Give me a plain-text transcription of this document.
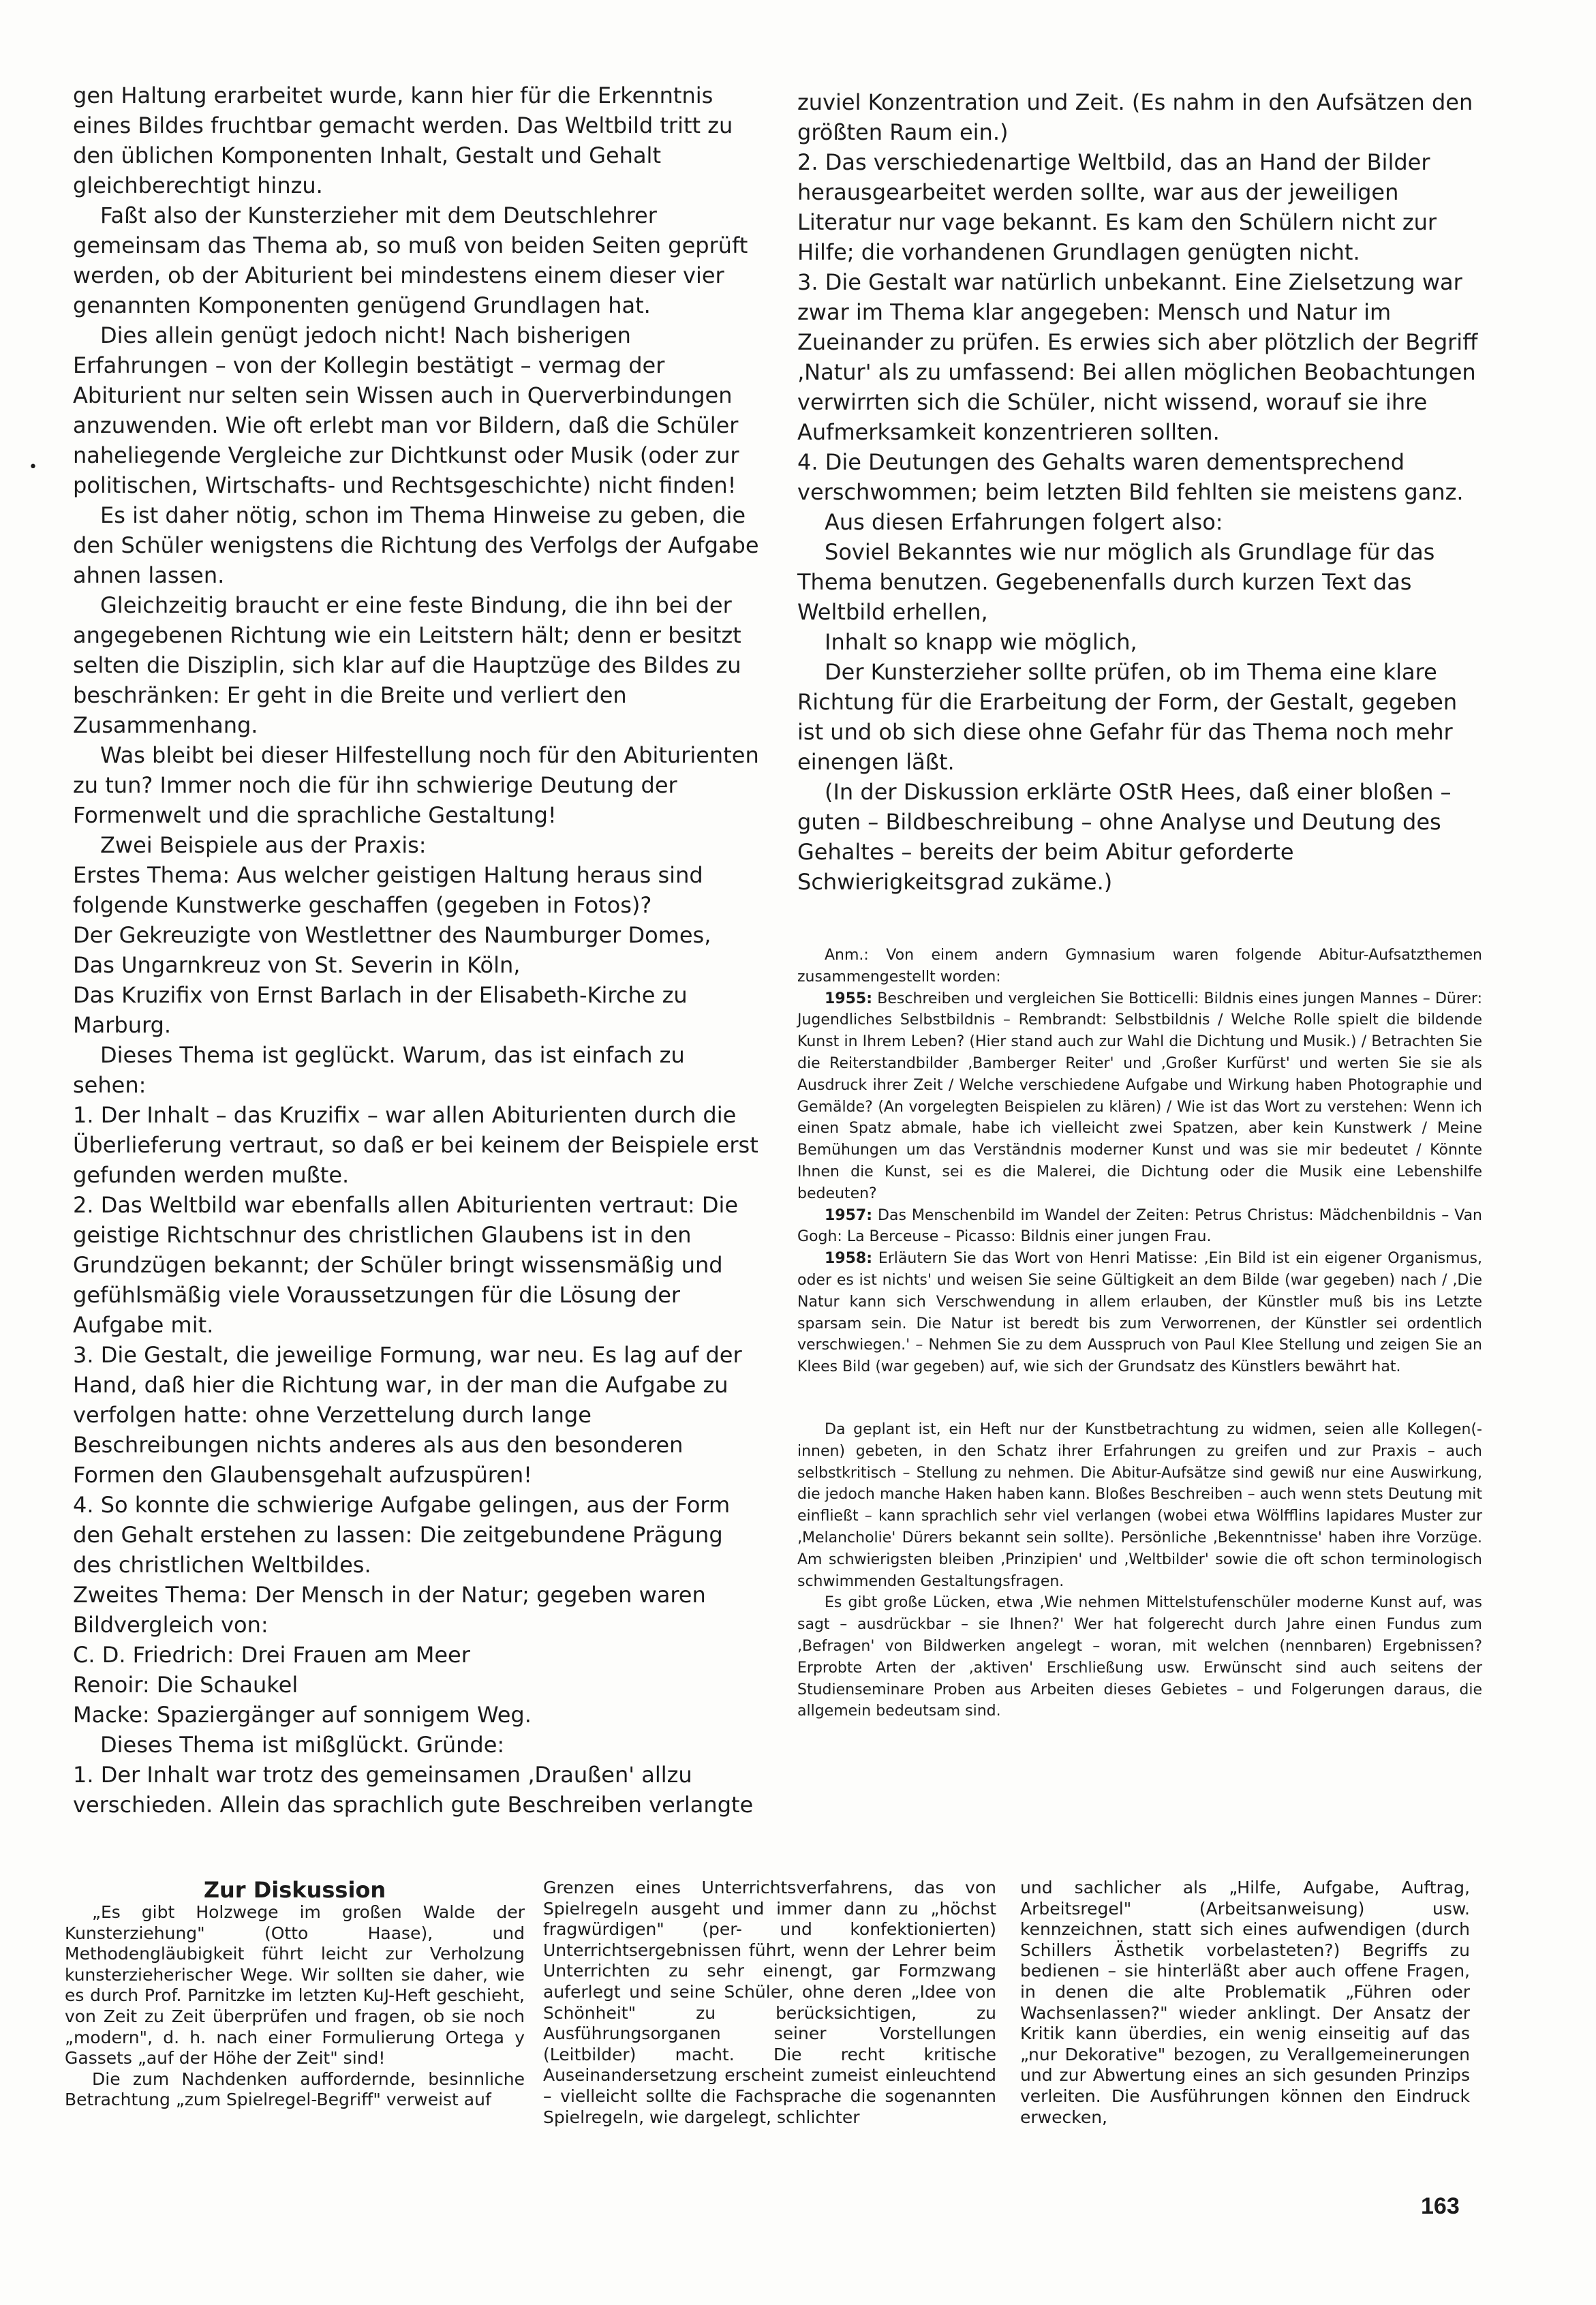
gen Haltung erarbeitet wurde, kann hier für die Erkenntnis eines Bildes fruchtbar gemacht werden. Das Weltbild tritt zu den üblichen Komponenten Inhalt, Gestalt und Gehalt gleichberechtigt hinzu.

Faßt also der Kunsterzieher mit dem Deutschlehrer gemeinsam das Thema ab, so muß von beiden Seiten geprüft werden, ob der Abiturient bei mindestens einem dieser vier genannten Komponenten genügend Grundlagen hat.

Dies allein genügt jedoch nicht! Nach bisherigen Erfahrungen – von der Kollegin bestätigt – vermag der Abiturient nur selten sein Wissen auch in Querverbindungen anzuwenden. Wie oft erlebt man vor Bildern, daß die Schüler naheliegende Vergleiche zur Dichtkunst oder Musik (oder zur politischen, Wirtschafts- und Rechtsgeschichte) nicht finden!

Es ist daher nötig, schon im Thema Hinweise zu geben, die den Schüler wenigstens die Richtung des Verfolgs der Aufgabe ahnen lassen.

Gleichzeitig braucht er eine feste Bindung, die ihn bei der angegebenen Richtung wie ein Leitstern hält; denn er besitzt selten die Disziplin, sich klar auf die Hauptzüge des Bildes zu beschränken: Er geht in die Breite und verliert den Zusammenhang.

Was bleibt bei dieser Hilfestellung noch für den Abiturienten zu tun? Immer noch die für ihn schwierige Deutung der Formenwelt und die sprachliche Gestaltung!

Zwei Beispiele aus der Praxis:

Erstes Thema: Aus welcher geistigen Haltung heraus sind folgende Kunstwerke geschaffen (gegeben in Fotos)?

Der Gekreuzigte von Westlettner des Naumburger Domes,

Das Ungarnkreuz von St. Severin in Köln,

Das Kruzifix von Ernst Barlach in der Elisabeth-Kirche zu Marburg.

Dieses Thema ist geglückt. Warum, das ist einfach zu sehen:

1. Der Inhalt – das Kruzifix – war allen Abiturienten durch die Überlieferung vertraut, so daß er bei keinem der Beispiele erst gefunden werden mußte.

2. Das Weltbild war ebenfalls allen Abiturienten vertraut: Die geistige Richtschnur des christlichen Glaubens ist in den Grundzügen bekannt; der Schüler bringt wissensmäßig und gefühlsmäßig viele Voraussetzungen für die Lösung der Aufgabe mit.

3. Die Gestalt, die jeweilige Formung, war neu. Es lag auf der Hand, daß hier die Richtung war, in der man die Aufgabe zu verfolgen hatte: ohne Verzettelung durch lange Beschreibungen nichts anderes als aus den besonderen Formen den Glaubensgehalt aufzuspüren!

4. So konnte die schwierige Aufgabe gelingen, aus der Form den Gehalt erstehen zu lassen: Die zeitgebundene Prägung des christlichen Weltbildes.

Zweites Thema: Der Mensch in der Natur; gegeben waren Bildvergleich von:

C. D. Friedrich: Drei Frauen am Meer

Renoir: Die Schaukel

Macke: Spaziergänger auf sonnigem Weg.

Dieses Thema ist mißglückt. Gründe:

1. Der Inhalt war trotz des gemeinsamen ‚Draußen' allzu verschieden. Allein das sprachlich gute Beschreiben verlangte

•

zuviel Konzentration und Zeit. (Es nahm in den Aufsätzen den größten Raum ein.)

2. Das verschiedenartige Weltbild, das an Hand der Bilder herausgearbeitet werden sollte, war aus der jeweiligen Literatur nur vage bekannt. Es kam den Schülern nicht zur Hilfe; die vorhandenen Grundlagen genügten nicht.

3. Die Gestalt war natürlich unbekannt. Eine Zielsetzung war zwar im Thema klar angegeben: Mensch und Natur im Zueinander zu prüfen. Es erwies sich aber plötzlich der Begriff ‚Natur' als zu umfassend: Bei allen möglichen Beobachtungen verwirrten sich die Schüler, nicht wissend, worauf sie ihre Aufmerksamkeit konzentrieren sollten.

4. Die Deutungen des Gehalts waren dementsprechend verschwommen; beim letzten Bild fehlten sie meistens ganz.

Aus diesen Erfahrungen folgert also:

Soviel Bekanntes wie nur möglich als Grundlage für das Thema benutzen. Gegebenenfalls durch kurzen Text das Weltbild erhellen,

Inhalt so knapp wie möglich,

Der Kunsterzieher sollte prüfen, ob im Thema eine klare Richtung für die Erarbeitung der Form, der Gestalt, gegeben ist und ob sich diese ohne Gefahr für das Thema noch mehr einengen läßt.

(In der Diskussion erklärte OStR Hees, daß einer bloßen – guten – Bildbeschreibung – ohne Analyse und Deutung des Gehaltes – bereits der beim Abitur geforderte Schwierigkeitsgrad zukäme.)

Anm.: Von einem andern Gymnasium waren folgende Abitur-Aufsatzthemen zusammengestellt worden:

1955: Beschreiben und vergleichen Sie Botticelli: Bildnis eines jungen Mannes – Dürer: Jugendliches Selbstbildnis – Rembrandt: Selbstbildnis / Welche Rolle spielt die bildende Kunst in Ihrem Leben? (Hier stand auch zur Wahl die Dichtung und Musik.) / Betrachten Sie die Reiterstandbilder ‚Bamberger Reiter' und ‚Großer Kurfürst' und werten Sie sie als Ausdruck ihrer Zeit / Welche verschiedene Aufgabe und Wirkung haben Photographie und Gemälde? (An vorgelegten Beispielen zu klären) / Wie ist das Wort zu verstehen: Wenn ich einen Spatz abmale, habe ich vielleicht zwei Spatzen, aber kein Kunstwerk / Meine Bemühungen um das Verständnis moderner Kunst und was sie mir bedeutet / Könnte Ihnen die Kunst, sei es die Malerei, die Dichtung oder die Musik eine Lebenshilfe bedeuten?

1957: Das Menschenbild im Wandel der Zeiten: Petrus Christus: Mädchenbildnis – Van Gogh: La Berceuse – Picasso: Bildnis einer jungen Frau.

1958: Erläutern Sie das Wort von Henri Matisse: ‚Ein Bild ist ein eigener Organismus, oder es ist nichts' und weisen Sie seine Gültigkeit an dem Bilde (war gegeben) nach / ‚Die Natur kann sich Verschwendung in allem erlauben, der Künstler muß bis ins Letzte sparsam sein. Die Natur ist beredt bis zum Verworrenen, der Künstler sei ordentlich verschwiegen.' – Nehmen Sie zu dem Ausspruch von Paul Klee Stellung und zeigen Sie an Klees Bild (war gegeben) auf, wie sich der Grundsatz des Künstlers bewährt hat.

Da geplant ist, ein Heft nur der Kunstbetrachtung zu widmen, seien alle Kollegen(-innen) gebeten, in den Schatz ihrer Erfahrungen zu greifen und zur Praxis – auch selbstkritisch – Stellung zu nehmen. Die Abitur-Aufsätze sind gewiß nur eine Auswirkung, die jedoch manche Haken haben kann. Bloßes Beschreiben – auch wenn stets Deutung mit einfließt – kann sprachlich sehr viel verlangen (wobei etwa Wölfflins lapidares Muster zur ‚Melancholie' Dürers bekannt sein sollte). Persönliche ‚Bekenntnisse' haben ihre Vorzüge. Am schwierigsten bleiben ‚Prinzipien' und ‚Weltbilder' sowie die oft schon terminologisch schwimmenden Gestaltungsfragen.

Es gibt große Lücken, etwa ‚Wie nehmen Mittelstufenschüler moderne Kunst auf, was sagt – ausdrückbar – sie Ihnen?' Wer hat folgerecht durch Jahre einen Fundus zum ‚Befragen' von Bildwerken angelegt – woran, mit welchen (nennbaren) Ergebnissen? Erprobte Arten der ‚aktiven' Erschließung usw. Erwünscht sind auch seitens der Studienseminare Proben aus Arbeiten dieses Gebietes – und Folgerungen daraus, die allgemein bedeutsam sind.

Zur Diskussion

„Es gibt Holzwege im großen Walde der Kunsterziehung" (Otto Haase), und Methodengläubigkeit führt leicht zur Verholzung kunsterzieherischer Wege. Wir sollten sie daher, wie es durch Prof. Parnitzke im letzten KuJ-Heft geschieht, von Zeit zu Zeit überprüfen und fragen, ob sie noch „modern", d. h. nach einer Formulierung Ortega y Gassets „auf der Höhe der Zeit" sind!

Die zum Nachdenken auffordernde, besinnliche Betrachtung „zum Spielregel-Begriff" verweist auf

Grenzen eines Unterrichtsverfahrens, das von Spielregeln ausgeht und immer dann zu „höchst fragwürdigen" (per- und konfektionierten) Unterrichtsergebnissen führt, wenn der Lehrer beim Unterrichten zu sehr einengt, gar Formzwang auferlegt und seine Schüler, ohne deren „Idee von Schönheit" zu berücksichtigen, zu Ausführungsorganen seiner Vorstellungen (Leitbilder) macht. Die recht kritische Auseinandersetzung erscheint zumeist einleuchtend – vielleicht sollte die Fachsprache die sogenannten Spielregeln, wie dargelegt, schlichter

und sachlicher als „Hilfe, Aufgabe, Auftrag, Arbeitsregel" (Arbeitsanweisung) usw. kennzeichnen, statt sich eines aufwendigen (durch Schillers Ästhetik vorbelasteten?) Begriffs zu bedienen – sie hinterläßt aber auch offene Fragen, in denen die alte Problematik „Führen oder Wachsenlassen?" wieder anklingt. Der Ansatz der Kritik kann überdies, ein wenig einseitig auf das „nur Dekorative" bezogen, zu Verallgemeinerungen und zur Abwertung eines an sich gesunden Prinzips verleiten. Die Ausführungen können den Eindruck erwecken,

163
